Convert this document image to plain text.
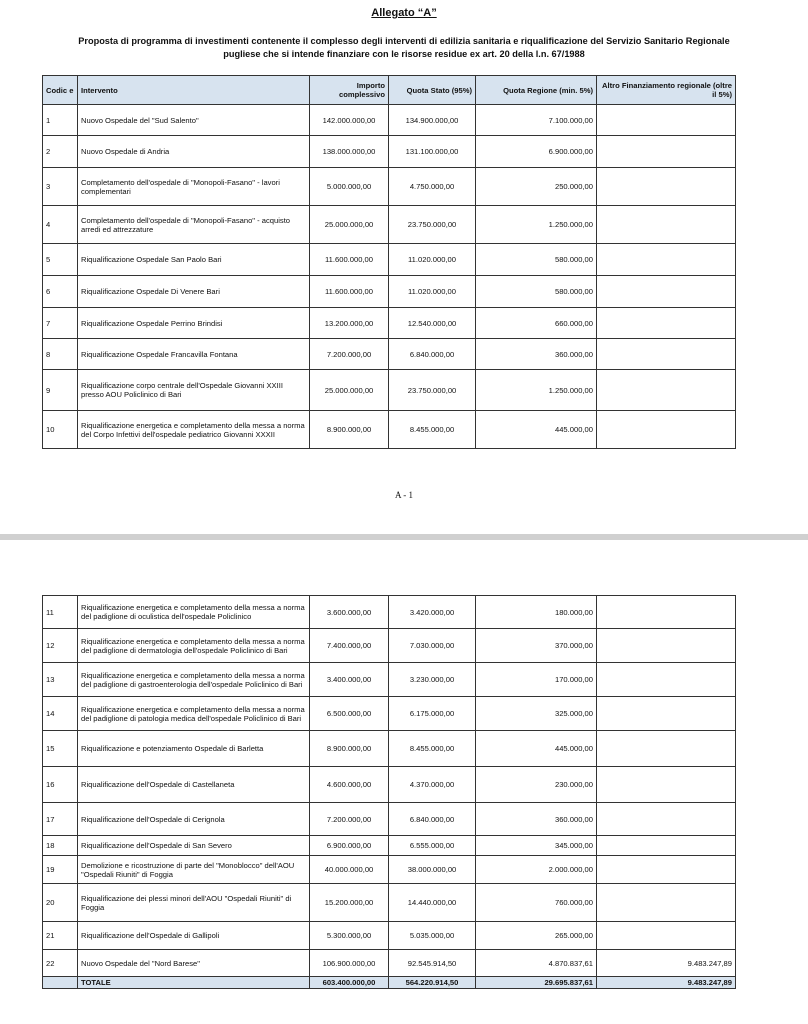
Allegato “A”
Proposta di programma di investimenti contenente il complesso degli interventi di edilizia sanitaria e riqualificazione del Servizio Sanitario Regionale
pugliese che si intende finanziare con le risorse residue ex art. 20 della l.n. 67/1988
Codic e	Intervento	Importo complessivo	Quota Stato (95%)	Quota Regione (min. 5%)	Altro Finanziamento regionale (oltre il 5%)
1	Nuovo Ospedale del "Sud Salento"	142.000.000,00	134.900.000,00	7.100.000,00	
2	Nuovo Ospedale di Andria	138.000.000,00	131.100.000,00	6.900.000,00	
3	Completamento dell'ospedale di "Monopoli-Fasano" - lavori complementari	5.000.000,00	4.750.000,00	250.000,00	
4	Completamento dell'ospedale di "Monopoli-Fasano" - acquisto arredi ed attrezzature	25.000.000,00	23.750.000,00	1.250.000,00	
5	Riqualificazione Ospedale San Paolo Bari	11.600.000,00	11.020.000,00	580.000,00	
6	Riqualificazione Ospedale Di Venere Bari	11.600.000,00	11.020.000,00	580.000,00	
7	Riqualificazione Ospedale Perrino Brindisi	13.200.000,00	12.540.000,00	660.000,00	
8	Riqualificazione Ospedale Francavilla Fontana	7.200.000,00	6.840.000,00	360.000,00	
9	Riqualificazione corpo centrale dell'Ospedale Giovanni XXIII presso AOU Policlinico di Bari	25.000.000,00	23.750.000,00	1.250.000,00	
10	Riqualificazione energetica e completamento della messa a norma del Corpo Infettivi dell'ospedale pediatrico Giovanni XXXII	8.900.000,00	8.455.000,00	445.000,00	
A - 1
11	Riqualificazione energetica e completamento della messa a norma del padiglione di oculistica dell'ospedale Policlinico	3.600.000,00	3.420.000,00	180.000,00	
12	Riqualificazione energetica e completamento della messa a norma del padiglione di dermatologia dell'ospedale Policlinico di Bari	7.400.000,00	7.030.000,00	370.000,00	
13	Riqualificazione energetica e completamento della messa a norma del padiglione di gastroenterologia dell'ospedale Policlinico di Bari	3.400.000,00	3.230.000,00	170.000,00	
14	Riqualificazione energetica e completamento della messa a norma del padiglione di patologia medica dell'ospedale Policlinico di Bari	6.500.000,00	6.175.000,00	325.000,00	
15	Riqualificazione e potenziamento Ospedale di Barletta	8.900.000,00	8.455.000,00	445.000,00	
16	Riqualificazione dell'Ospedale di Castellaneta	4.600.000,00	4.370.000,00	230.000,00	
17	Riqualificazione dell'Ospedale di Cerignola	7.200.000,00	6.840.000,00	360.000,00	
18	Riqualificazione dell'Ospedale di San Severo	6.900.000,00	6.555.000,00	345.000,00	
19	Demolizione e ricostruzione di parte del "Monoblocco" dell'AOU "Ospedali Riuniti" di Foggia	40.000.000,00	38.000.000,00	2.000.000,00	
20	Riqualificazione dei plessi minori dell'AOU "Ospedali Riuniti" di Foggia	15.200.000,00	14.440.000,00	760.000,00	
21	Riqualificazione dell'Ospedale di Gallipoli	5.300.000,00	5.035.000,00	265.000,00	
22	Nuovo Ospedale del "Nord Barese"	106.900.000,00	92.545.914,50	4.870.837,61	9.483.247,89
	TOTALE	603.400.000,00	564.220.914,50	29.695.837,61	9.483.247,89
